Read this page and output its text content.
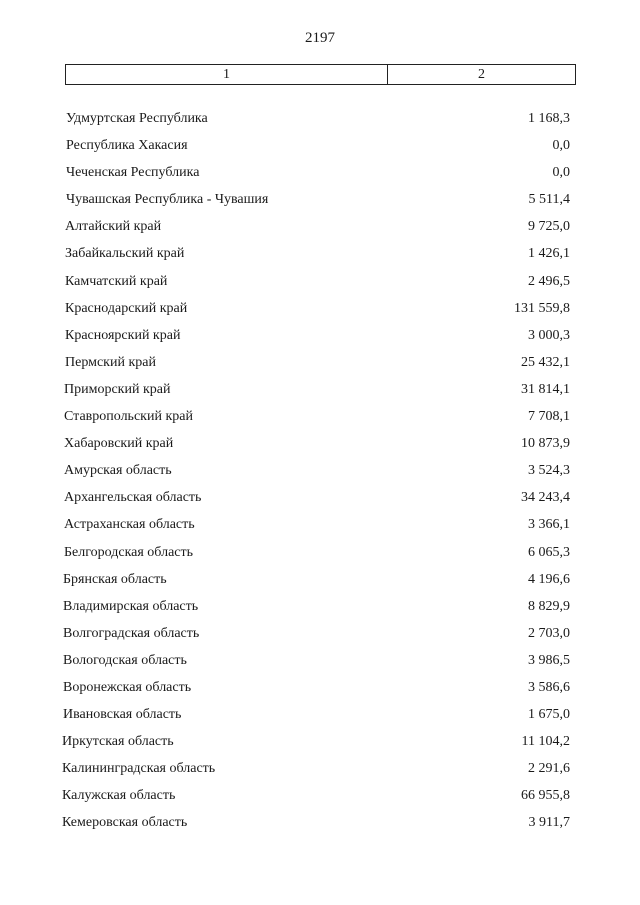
2197
1	2
Удмуртская Республика	1 168,3
Республика Хакасия	0,0
Чеченская Республика	0,0
Чувашская Республика - Чувашия	5 511,4
Алтайский край	9 725,0
Забайкальский край	1 426,1
Камчатский край	2 496,5
Краснодарский край	131 559,8
Красноярский край	3 000,3
Пермский край	25 432,1
Приморский край	31 814,1
Ставропольский край	7 708,1
Хабаровский край	10 873,9
Амурская область	3 524,3
Архангельская область	34 243,4
Астраханская область	3 366,1
Белгородская область	6 065,3
Брянская область	4 196,6
Владимирская область	8 829,9
Волгоградская область	2 703,0
Вологодская область	3 986,5
Воронежская область	3 586,6
Ивановская область	1 675,0
Иркутская область	11 104,2
Калининградская область	2 291,6
Калужская область	66 955,8
Кемеровская область	3 911,7
